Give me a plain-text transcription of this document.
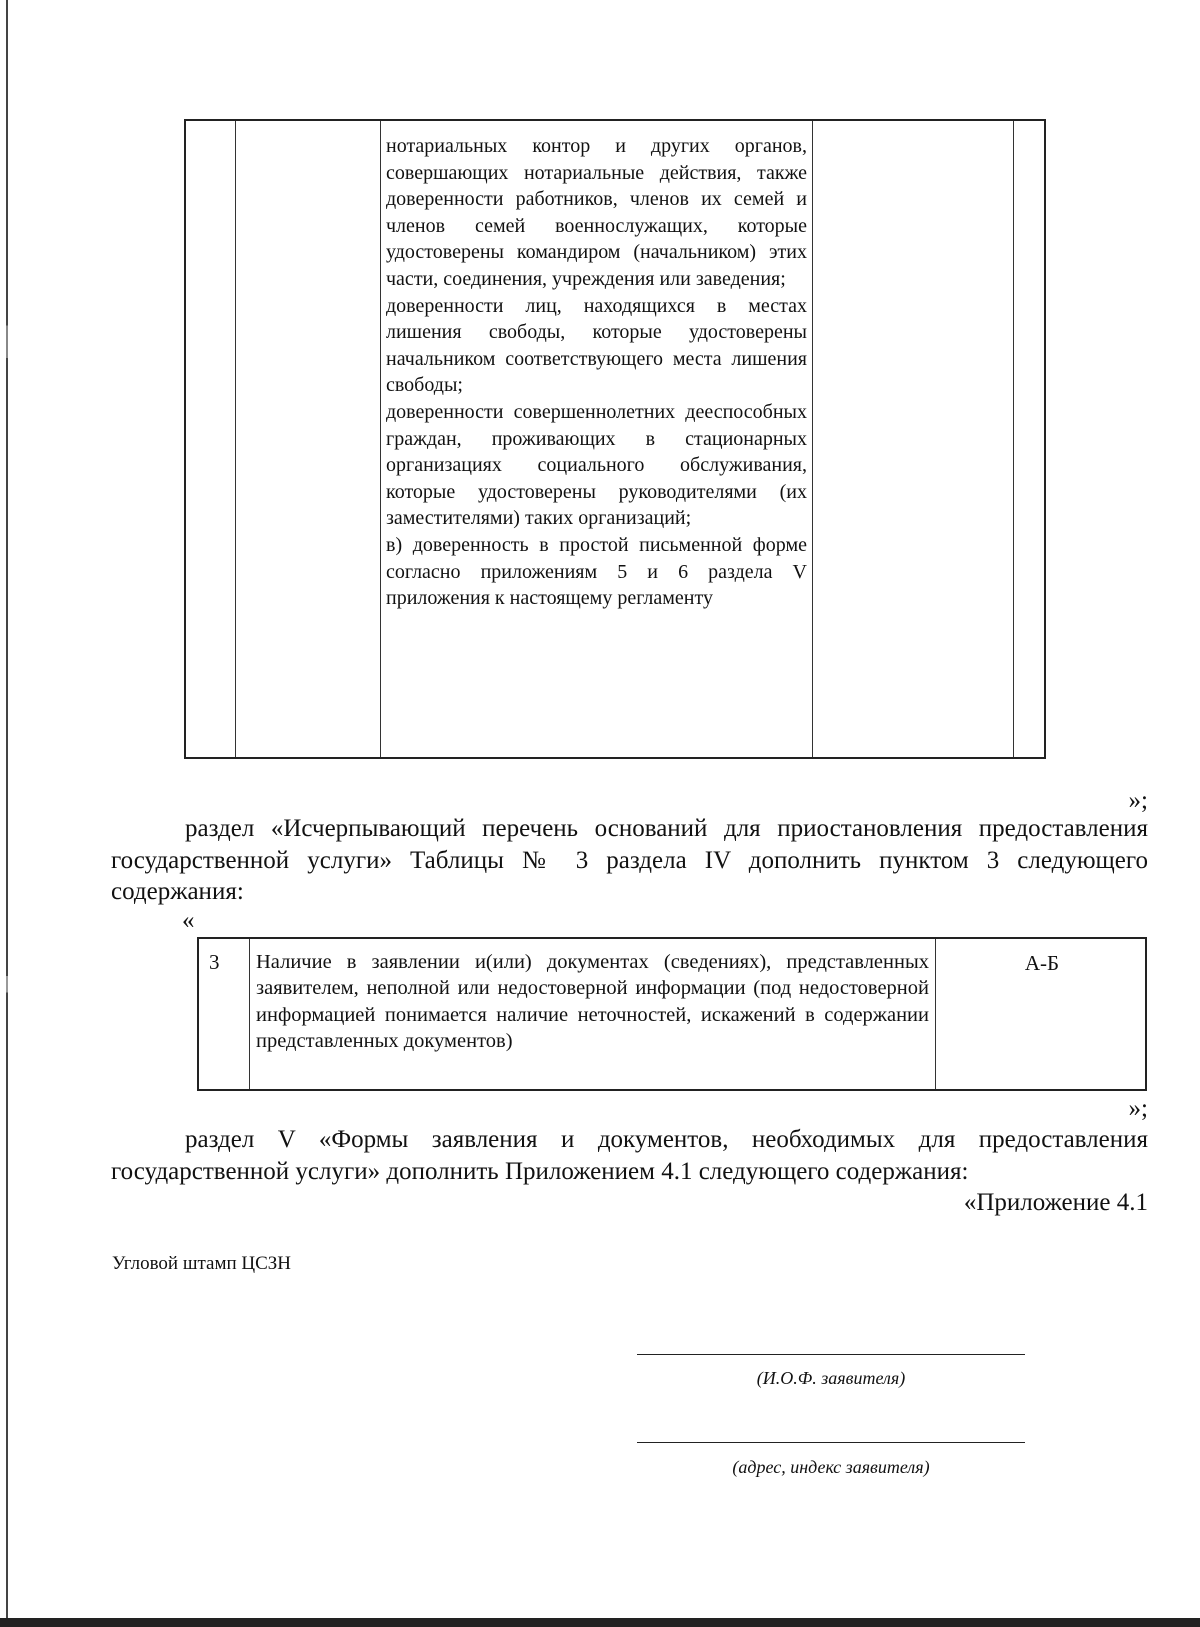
нотариальных контор и других органов, совершающих нотариальные действия, также доверенности работников, членов их семей и членов семей военнослужащих, которые удостоверены командиром (начальником) этих части, соединения, учреждения или заведения;

доверенности лиц, находящихся в местах лишения свободы, которые удостоверены начальником соответствующего места лишения свободы;

доверенности совершеннолетних дееспособных граждан, проживающих в стационарных организациях социального обслуживания, которые удостоверены руководителями (их заместителями) таких организаций;

в) доверенность в простой письменной форме согласно приложениям 5 и 6 раздела V приложения к настоящему регламенту

»;
раздел «Исчерпывающий перечень оснований для приостановления предоставления государственной услуги» Таблицы № 3 раздела IV дополнить пунктом 3 следующего содержания:
«
3 Наличие в заявлении и(или) документах (сведениях), представленных заявителем, неполной или недостоверной информации (под недостоверной информацией понимается наличие неточностей, искажений в содержании представленных документов)
А-Б
»;
раздел V «Формы заявления и документов, необходимых для предоставления государственной услуги» дополнить Приложением 4.1 следующего содержания:
«Приложение 4.1
Угловой штамп ЦСЗН
(И.О.Ф. заявителя)
(адрес, индекс заявителя)
